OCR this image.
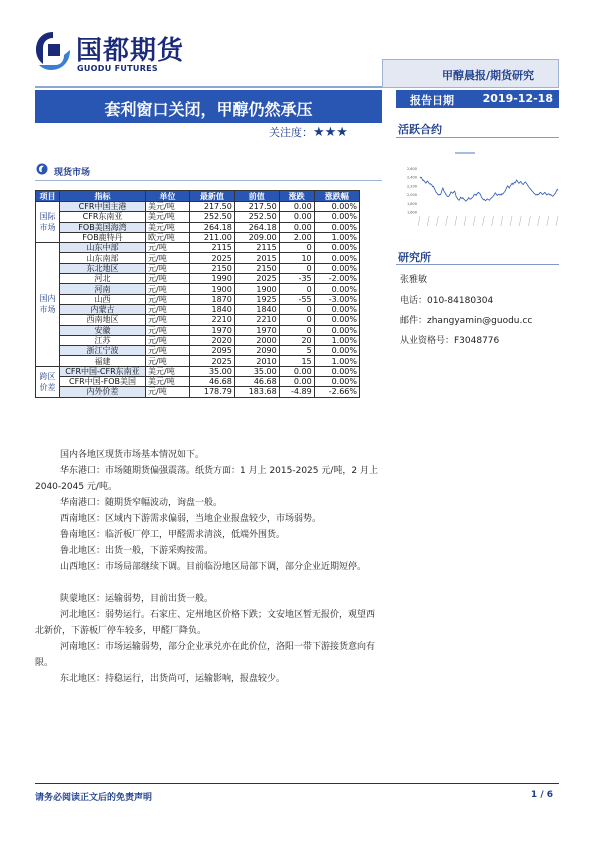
国都期货
GUODU FUTURES
甲醇晨报/期货研究
套利窗口关闭，甲醇仍然承压
关注度：★★★
报告日期	2019-12-18
活跃合约
2,600
2,400
2,200
2,000
1,800
1,600
研究所
张雅敏
电话：010-84180304
邮件：zhangyamin@guodu.cc
从业资格号：F3048776
现货市场
项目	指标	单位	最新值	前值	涨跌	涨跌幅
国际市场	CFR中国主港	美元/吨	217.50	217.50	0.00	0.00%
	CFR东南亚	美元/吨	252.50	252.50	0.00	0.00%
	FOB美国海湾	美元/吨	264.18	264.18	0.00	0.00%
	FOB鹿特丹	欧元/吨	211.00	209.00	2.00	1.00%
国内市场	山东中部	元/吨	2115	2115	0	0.00%
	山东南部	元/吨	2025	2015	10	0.00%
	东北地区	元/吨	2150	2150	0	0.00%
	河北	元/吨	1990	2025	-35	-2.00%
	河南	元/吨	1900	1900	0	0.00%
	山西	元/吨	1870	1925	-55	-3.00%
	内蒙古	元/吨	1840	1840	0	0.00%
	西南地区	元/吨	2210	2210	0	0.00%
	安徽	元/吨	1970	1970	0	0.00%
	江苏	元/吨	2020	2000	20	1.00%
	浙江宁波	元/吨	2095	2090	5	0.00%
	福建	元/吨	2025	2010	15	1.00%
跨区价差	CFR中国-CFR东南亚	美元/吨	35.00	35.00	0.00	0.00%
	CFR中国-FOB美国	美元/吨	46.68	46.68	0.00	0.00%
	内外价差	元/吨	178.79	183.68	-4.89	-2.66%
国内各地区现货市场基本情况如下。
华东港口：市场随期货偏强震荡。纸货方面：1 月上 2015-2025 元/吨，2 月上 2040-2045 元/吨。
华南港口：随期货窄幅波动，询盘一般。
西南地区：区域内下游需求偏弱，当地企业报盘较少，市场弱势。
鲁南地区：临沂板厂停工，甲醛需求清淡，低端外围货。
鲁北地区：出货一般，下游采购按需。
山西地区：市场局部继续下调。目前临汾地区局部下调，部分企业近期短停。
陕蒙地区：运输弱势，目前出货一般。
河北地区：弱势运行。石家庄、定州地区价格下跌；文安地区暂无报价，观望西北新价，下游板厂停车较多，甲醛厂降负。
河南地区：市场运输弱势，部分企业承兑亦在此价位，洛阳一带下游接货意向有限。
东北地区：持稳运行，出货尚可，运输影响，报盘较少。
请务必阅读正文后的免责声明	1 / 6
